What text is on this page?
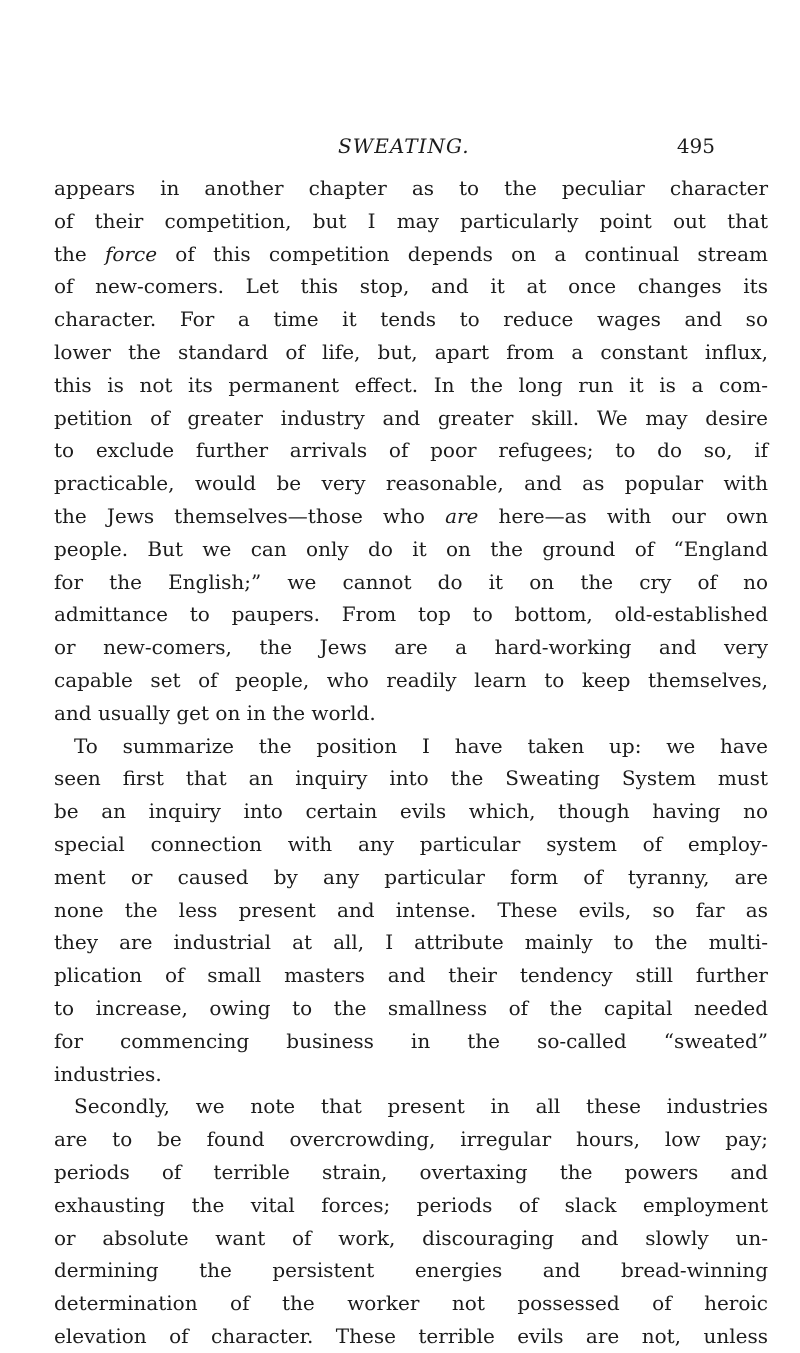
SWEATING.	495
appears in another chapter as to the peculiar character
of their competition, but I may particularly point out that
the force of this competition depends on a continual stream
of new-comers. Let this stop, and it at once changes its
character. For a time it tends to reduce wages and so
lower the standard of life, but, apart from a constant influx,
this is not its permanent effect. In the long run it is a com-
petition of greater industry and greater skill. We may desire
to exclude further arrivals of poor refugees; to do so, if
practicable, would be very reasonable, and as popular with
the Jews themselves—those who are here—as with our own
people. But we can only do it on the ground of “England
for the English;” we cannot do it on the cry of no
admittance to paupers. From top to bottom, old-established
or new-comers, the Jews are a hard-working and very
capable set of people, who readily learn to keep themselves,
and usually get on in the world.
To summarize the position I have taken up: we have
seen first that an inquiry into the Sweating System must
be an inquiry into certain evils which, though having no
special connection with any particular system of employ-
ment or caused by any particular form of tyranny, are
none the less present and intense. These evils, so far as
they are industrial at all, I attribute mainly to the multi-
plication of small masters and their tendency still further
to increase, owing to the smallness of the capital needed
for commencing business in the so-called “sweated”
industries.
Secondly, we note that present in all these industries
are to be found overcrowding, irregular hours, low pay;
periods of terrible strain, overtaxing the powers and
exhausting the vital forces; periods of slack employment
or absolute want of work, discouraging and slowly un-
dermining the persistent energies and bread-winning
determination of the worker not possessed of heroic
elevation of character. These terrible evils are not, unless
